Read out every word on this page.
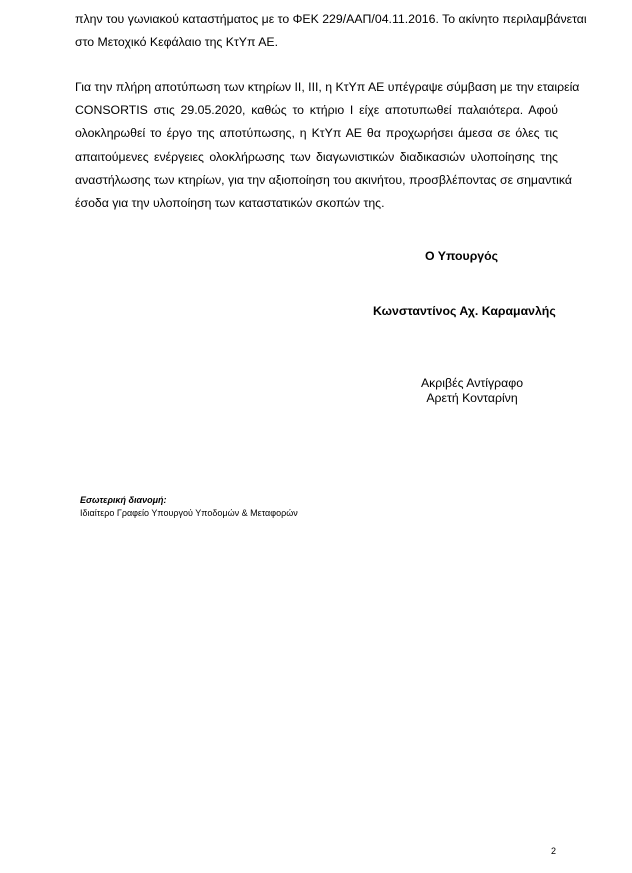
πλην του γωνιακού καταστήματος με το ΦΕΚ 229/ΑΑΠ/04.11.2016. Το ακίνητο περιλαμβάνεται
στο Μετοχικό Κεφάλαιο της ΚτΥπ ΑΕ.
Για την πλήρη αποτύπωση των κτηρίων ΙΙ, ΙΙΙ, η ΚτΥπ ΑΕ υπέγραψε σύμβαση με την εταιρεία
CONSORTIS στις 29.05.2020, καθώς το κτήριο Ι είχε αποτυπωθεί παλαιότερα. Αφού
ολοκληρωθεί το έργο της αποτύπωσης, η ΚτΥπ ΑΕ θα προχωρήσει άμεσα σε όλες τις
απαιτούμενες ενέργειες ολοκλήρωσης των διαγωνιστικών διαδικασιών υλοποίησης της
αναστήλωσης των κτηρίων, για την αξιοποίηση του ακινήτου, προσβλέποντας σε σημαντικά
έσοδα για την υλοποίηση των καταστατικών σκοπών της.
Ο Υπουργός
Κωνσταντίνος Αχ. Καραμανλής
Ακριβές Αντίγραφο
Αρετή Κονταρίνη
Εσωτερική διανομή:
Ιδιαίτερο Γραφείο Υπουργού Υποδομών & Μεταφορών
2
